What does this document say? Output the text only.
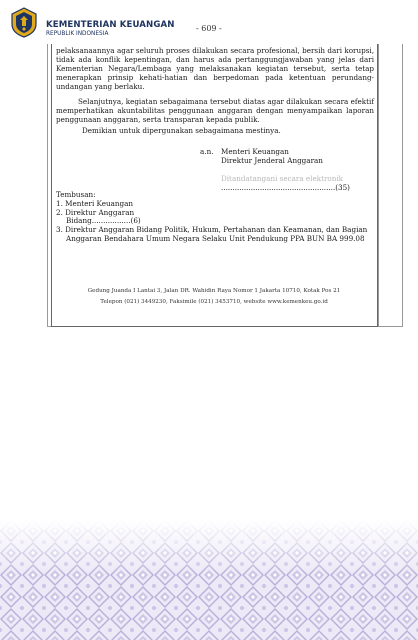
KEMENTERIAN KEUANGAN
REPUBLIK INDONESIA
- 609 -
pelaksanaannya agar seluruh proses dilakukan secara profesional, bersih dari korupsi, tidak ada konflik kepentingan, dan harus ada pertanggungjawaban yang jelas dari Kementerian Negara/Lembaga yang melaksanakan kegiatan tersebut, serta tetap menerapkan prinsip kehati-hatian dan berpedoman pada ketentuan perundang-undangan yang berlaku.
Selanjutnya, kegiatan sebagaimana tersebut diatas agar dilakukan secara efektif memperhatikan akuntabilitas penggunaan anggaran dengan menyampaikan laporan penggunaan anggaran, serta transparan kepada publik.
Demikian untuk dipergunakan sebagaimana mestinya.
a.n. Menteri Keuangan
Direktur Jenderal Anggaran
Ditandatangani secara elektronik
..................................................(35)
Tembusan:
1. Menteri Keuangan
2. Direktur Anggaran
Bidang.................(6)
3. Direktur Anggaran Bidang Politik, Hukum, Pertahanan dan Keamanan, dan Bagian Anggaran Bendahara Umum Negara Selaku Unit Pendukung PPA BUN BA 999.08
Gedung Juanda I Lantai 3, Jalan DR. Wahidin Raya Nomor 1 Jakarta 10710, Kotak Pos 21
Telepon (021) 3449230, Faksimile (021) 3453710, website www.kemenkeu.go.id
